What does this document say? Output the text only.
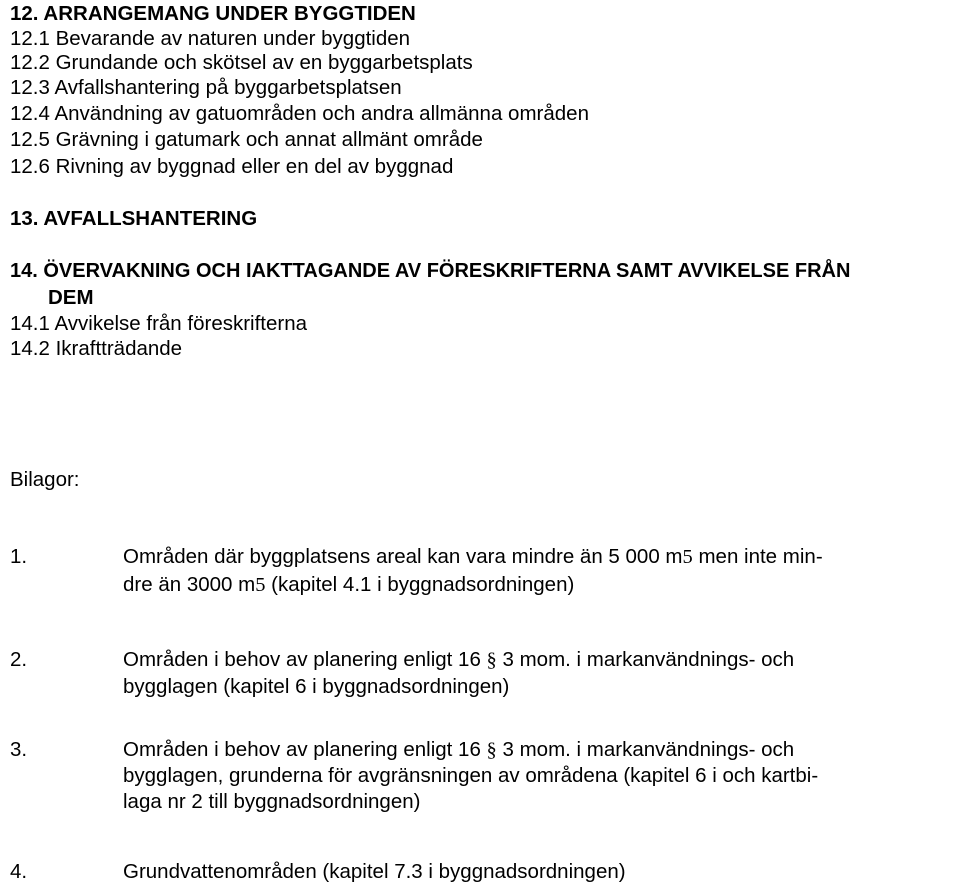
12. ARRANGEMANG UNDER BYGGTIDEN
12.1 Bevarande av naturen under byggtiden
12.2 Grundande och skötsel av en byggarbetsplats
12.3 Avfallshantering på byggarbetsplatsen
12.4 Användning av gatuområden och andra allmänna områden
12.5 Grävning i gatumark och annat allmänt område
12.6 Rivning av byggnad eller en del av byggnad
13. AVFALLSHANTERING
14. ÖVERVAKNING OCH IAKTTAGANDE AV FÖRESKRIFTERNA SAMT AVVIKELSE FRÅN
DEM
14.1 Avvikelse från föreskrifterna
14.2 Ikraftträdande
Bilagor:
1.	Områden där byggplatsens areal kan vara mindre än 5 000 m5 men inte min-
dre än 3000 m5 (kapitel 4.1 i byggnadsordningen)
2.	Områden i behov av planering enligt 16 § 3 mom. i markanvändnings- och
bygglagen (kapitel 6 i byggnadsordningen)
3.	Områden i behov av planering enligt 16 § 3 mom. i markanvändnings- och
bygglagen, grunderna för avgränsningen av områdena (kapitel 6 i och kartbi-
laga nr 2 till byggnadsordningen)
4.	Grundvattenområden (kapitel 7.3 i byggnadsordningen)
